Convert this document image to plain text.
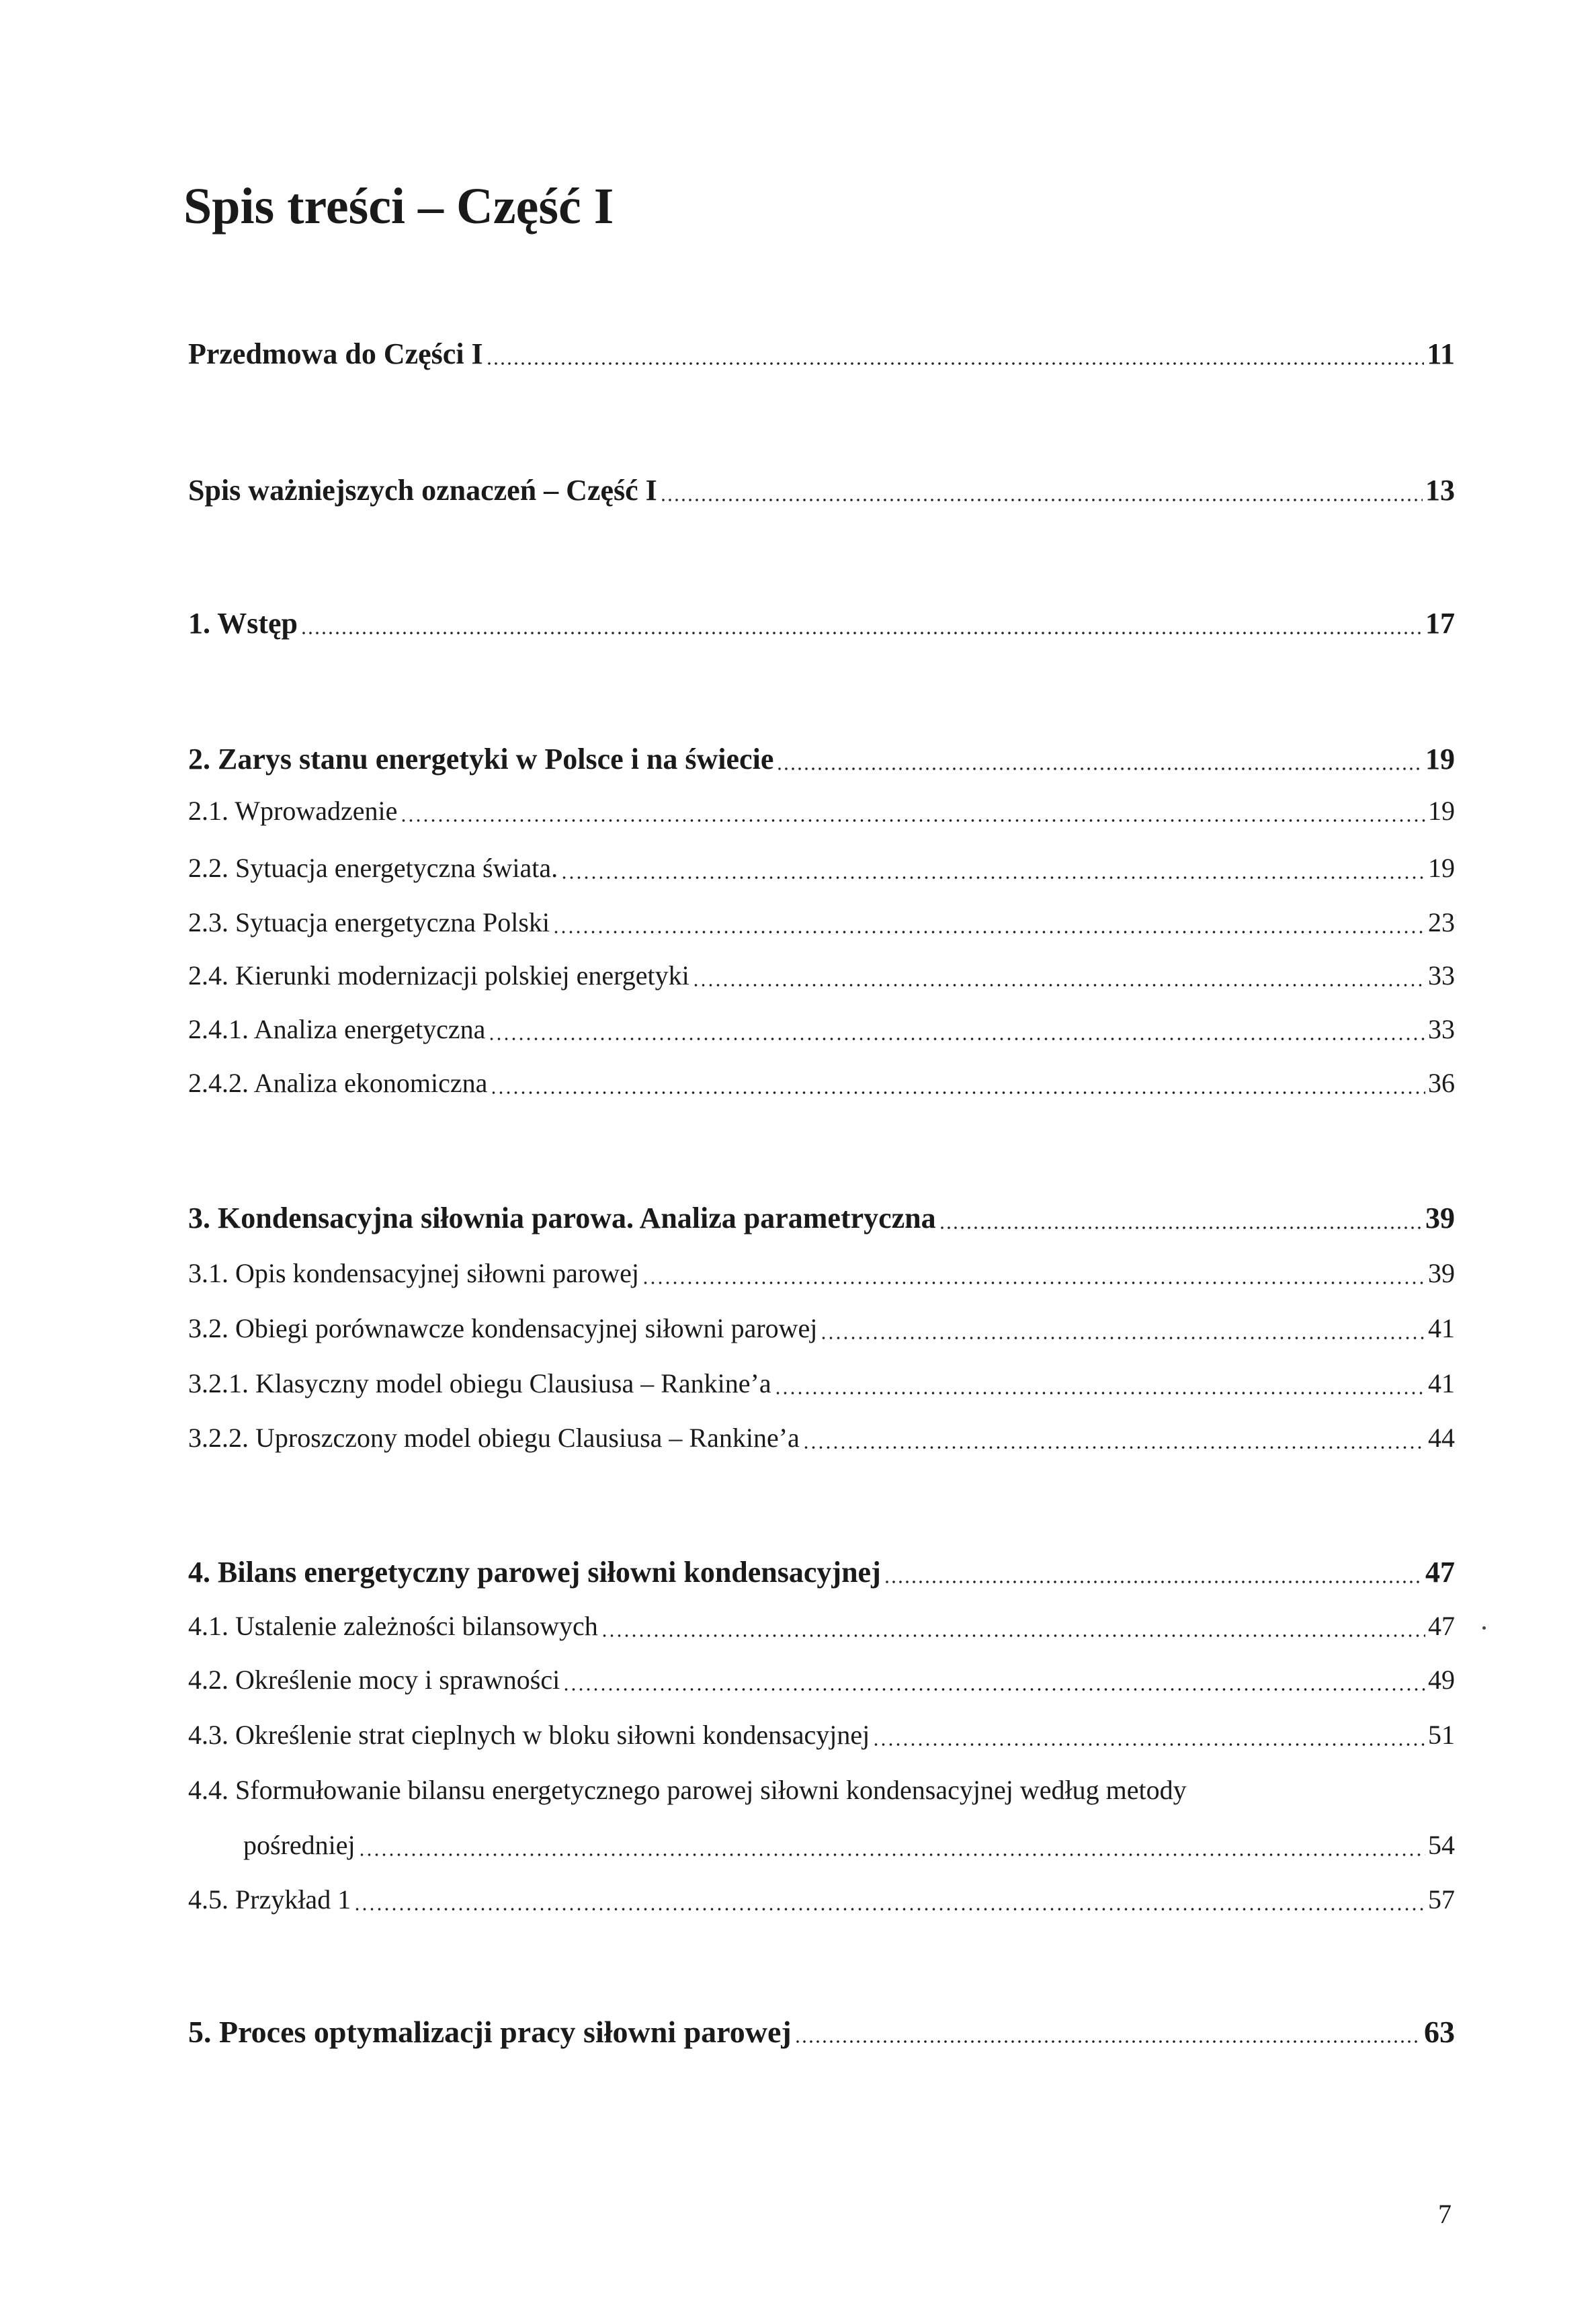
Spis treści – Część I
Przedmowa do Części I	11
Spis ważniejszych oznaczeń – Część I	13
1. Wstęp	17
2. Zarys stanu energetyki w Polsce i na świecie	19
2.1. Wprowadzenie	19
2.2. Sytuacja energetyczna świata.	19
2.3. Sytuacja energetyczna Polski	23
2.4. Kierunki modernizacji polskiej energetyki	33
2.4.1. Analiza energetyczna	33
2.4.2. Analiza ekonomiczna	36
3. Kondensacyjna siłownia parowa. Analiza parametryczna	39
3.1. Opis kondensacyjnej siłowni parowej	39
3.2. Obiegi porównawcze kondensacyjnej siłowni parowej	41
3.2.1. Klasyczny model obiegu Clausiusa – Rankine’a	41
3.2.2. Uproszczony model obiegu Clausiusa – Rankine’a	44
4. Bilans energetyczny parowej siłowni kondensacyjnej	47
4.1. Ustalenie zależności bilansowych	47
4.2. Określenie mocy i sprawności	49
4.3. Określenie strat cieplnych w bloku siłowni kondensacyjnej	51
4.4. Sformułowanie bilansu energetycznego parowej siłowni kondensacyjnej według metody
pośredniej	54
4.5. Przykład 1	57
5. Proces optymalizacji pracy siłowni parowej	63
7
